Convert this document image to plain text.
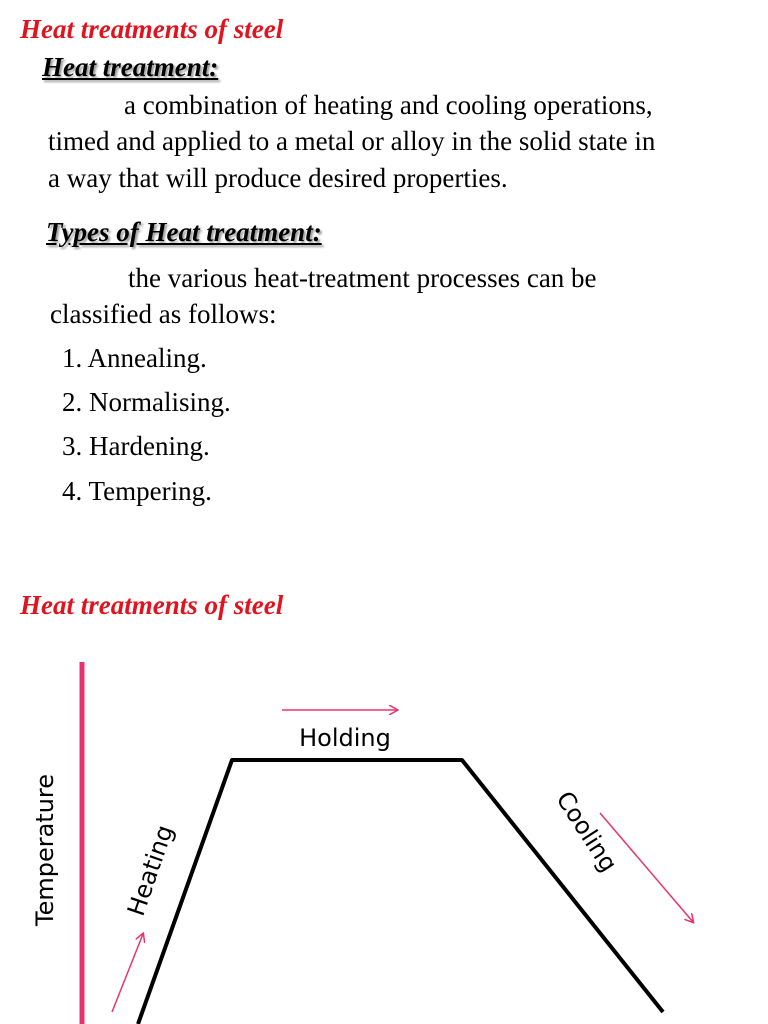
Heat treatments of steel
Heat treatment:
a combination of heating and cooling operations,
timed and applied to a metal or alloy in the solid state in
a way that will produce desired properties.
Types of Heat treatment:
the various heat-treatment processes can be
classified as follows:
1. Annealing.
2. Normalising.
3. Hardening.
4. Tempering.
Heat treatments of steel
Temperature	Heating
Holding
Cooling
